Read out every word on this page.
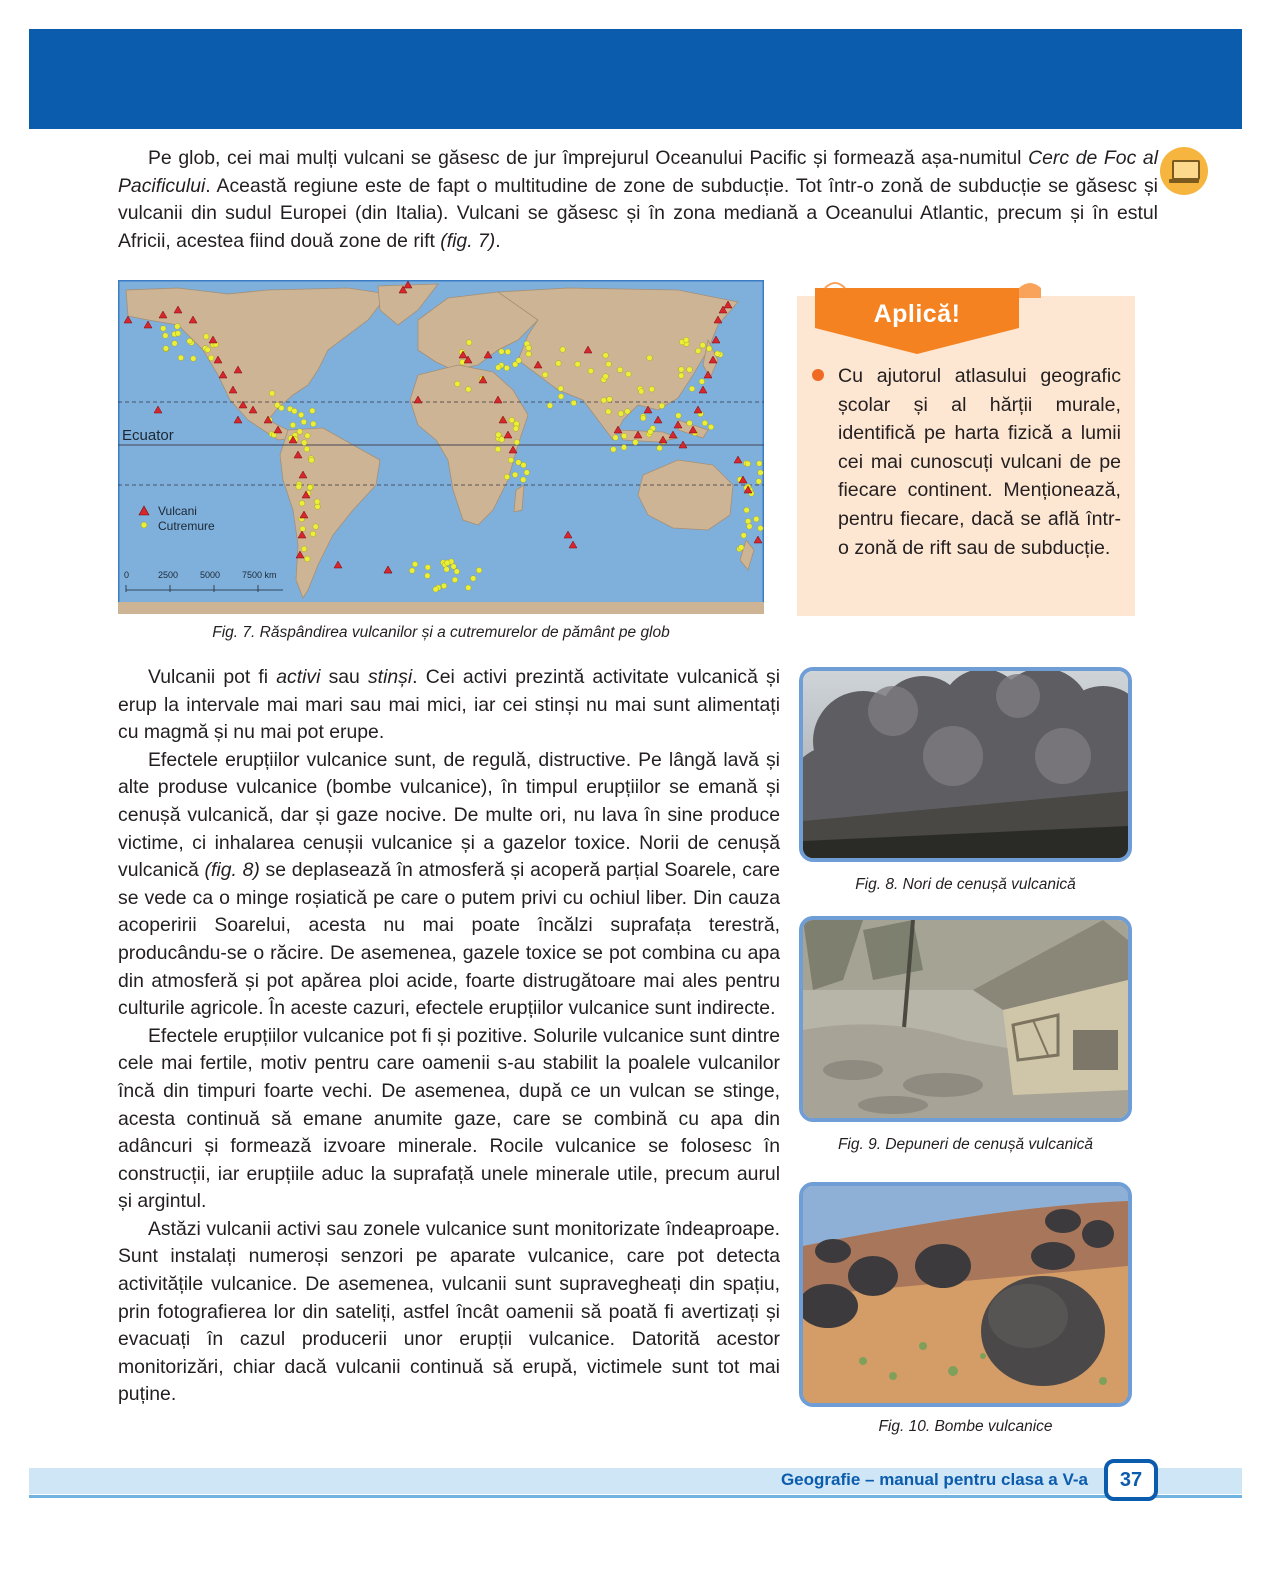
Pe glob, cei mai mulți vulcani se găsesc de jur împrejurul Oceanului Pacific și formează așa-numitul Cerc de Foc al Pacificului. Această regiune este de fapt o multitudine de zone de subducție. Tot într-o zonă de subducție se găsesc și vulcanii din sudul Europei (din Italia). Vulcani se găsesc și în zona mediană a Oceanului Atlantic, precum și în estul Africii, acestea fiind două zone de rift (fig. 7).

Ecuator
Vulcani
Cutremure
0	2500 5000 7500 km
Fig. 7. Răspândirea vulcanilor și a cutremurelor de pământ pe glob
Aplică!

Cu ajutorul atlasului geografic școlar și al hărții murale, identifică pe harta fizică a lumii cei mai cunoscuți vulcani de pe fiecare continent. Menționează, pentru fiecare, dacă se află într-o zonă de rift sau de subducție.

Vulcanii pot fi activi sau stinși. Cei activi prezintă activitate vulcanică și erup la intervale mai mari sau mai mici, iar cei stinși nu mai sunt alimentați cu magmă și nu mai pot erupe.

Efectele erupțiilor vulcanice sunt, de regulă, distructive. Pe lângă lavă și alte produse vulcanice (bombe vulcanice), în timpul erupțiilor se emană și cenușă vulcanică, dar și gaze nocive. De multe ori, nu lava în sine produce victime, ci inhalarea cenușii vulcanice și a gazelor toxice. Norii de cenușă vulcanică (fig. 8) se deplasează în atmosferă și acoperă parțial Soarele, care se vede ca o minge roșiatică pe care o putem privi cu ochiul liber. Din cauza acoperirii Soarelui, acesta nu mai poate încălzi suprafața terestră, producându-se o răcire. De asemenea, gazele toxice se pot combina cu apa din atmosferă și pot apărea ploi acide, foarte distrugătoare mai ales pentru culturile agricole. În aceste cazuri, efectele erupțiilor vulcanice sunt indirecte.

Efectele erupțiilor vulcanice pot fi și pozitive. Solurile vulcanice sunt dintre cele mai fertile, motiv pentru care oamenii s-au stabilit la poalele vulcanilor încă din timpuri foarte vechi. De asemenea, după ce un vulcan se stinge, acesta continuă să emane anumite gaze, care se combină cu apa din adâncuri și formează izvoare minerale. Rocile vulcanice se folosesc în construcții, iar erupțiile aduc la suprafață unele minerale utile, precum aurul și argintul.

Astăzi vulcanii activi sau zonele vulcanice sunt monitorizate îndeaproape. Sunt instalați numeroși senzori pe aparate vulcanice, care pot detecta activitățile vulcanice. De asemenea, vulcanii sunt supravegheați din spațiu, prin fotografierea lor din sateliți, astfel încât oamenii să poată fi avertizați și evacuați în cazul producerii unor erupții vulcanice. Datorită acestor monitorizări, chiar dacă vulcanii continuă să erupă, victimele sunt tot mai puține.

Fig. 8. Nori de cenușă vulcanică
Fig. 9. Depuneri de cenușă vulcanică
Fig. 10. Bombe vulcanice
Geografie – manual pentru clasa a V-a	37
